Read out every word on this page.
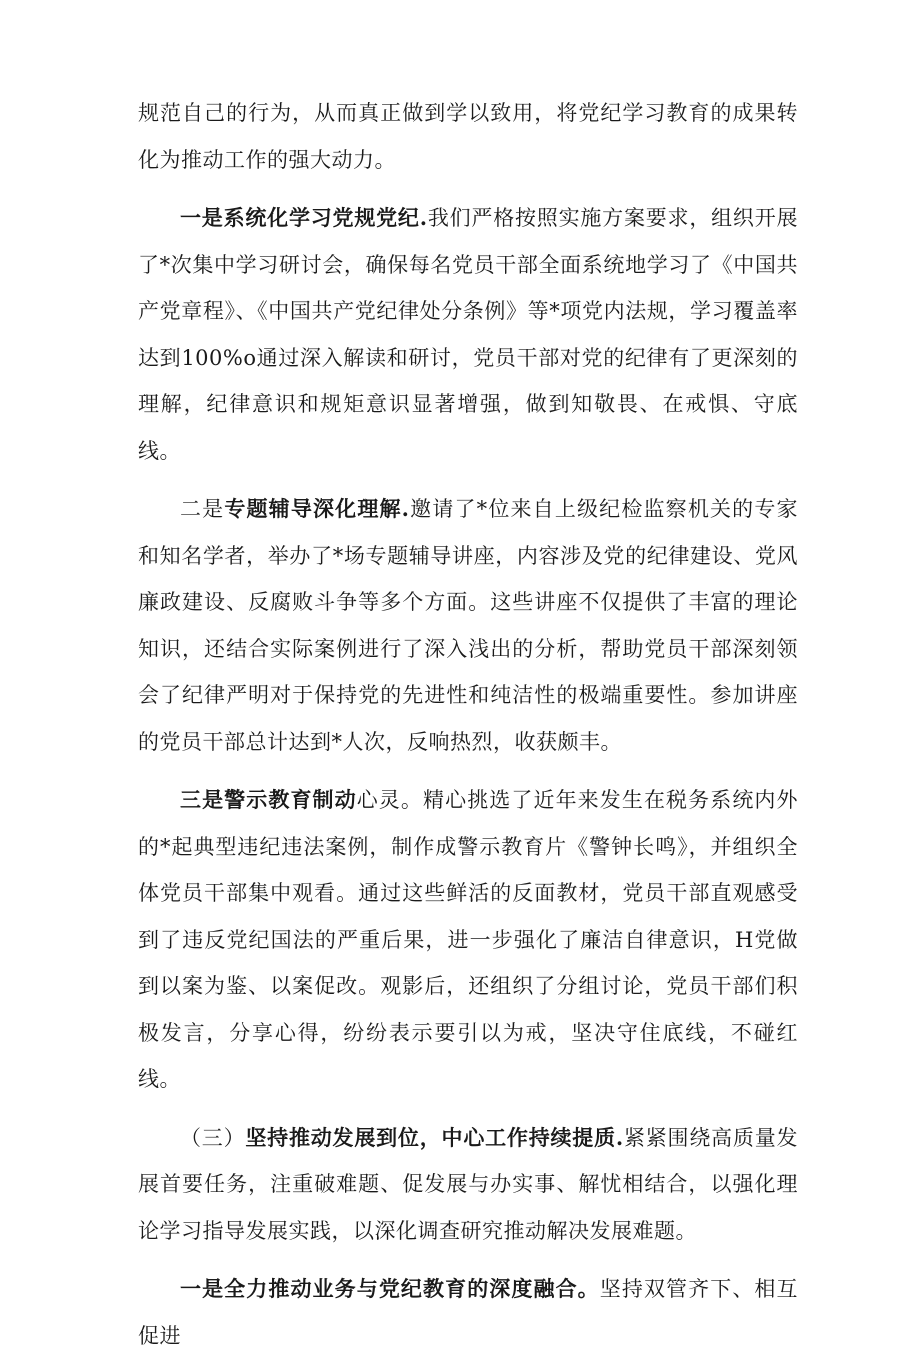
规范自己的行为，从而真正做到学以致用，将党纪学习教育的成果转化为推动工作的强大动力。

一是系统化学习党规党纪.我们严格按照实施方案要求，组织开展了*次集中学习研讨会，确保每名党员干部全面系统地学习了《中国共产党章程》、《中国共产党纪律处分条例》等*项党内法规，学习覆盖率达到100%o通过深入解读和研讨，党员干部对党的纪律有了更深刻的理解，纪律意识和规矩意识显著增强，做到知敬畏、在戒惧、守底线。

二是专题辅导深化理解.邀请了*位来自上级纪检监察机关的专家和知名学者，举办了*场专题辅导讲座，内容涉及党的纪律建设、党风廉政建设、反腐败斗争等多个方面。这些讲座不仅提供了丰富的理论知识，还结合实际案例进行了深入浅出的分析，帮助党员干部深刻领会了纪律严明对于保持党的先进性和纯洁性的极端重要性。参加讲座的党员干部总计达到*人次，反响热烈，收获颇丰。

三是警示教育制动心灵。精心挑选了近年来发生在税务系统内外的*起典型违纪违法案例，制作成警示教育片《警钟长鸣》，并组织全体党员干部集中观看。通过这些鲜活的反面教材，党员干部直观感受到了违反党纪国法的严重后果，进一步强化了廉洁自律意识，H党做到以案为鉴、以案促改。观影后，还组织了分组讨论，党员干部们积极发言，分享心得，纷纷表示要引以为戒，坚决守住底线，不碰红线。

（三）坚持推动发展到位，中心工作持续提质.紧紧围绕高质量发展首要任务，注重破难题、促发展与办实事、解忧相结合，以强化理论学习指导发展实践，以深化调查研究推动解决发展难题。

一是全力推动业务与党纪教育的深度融合。坚持双管齐下、相互促进
